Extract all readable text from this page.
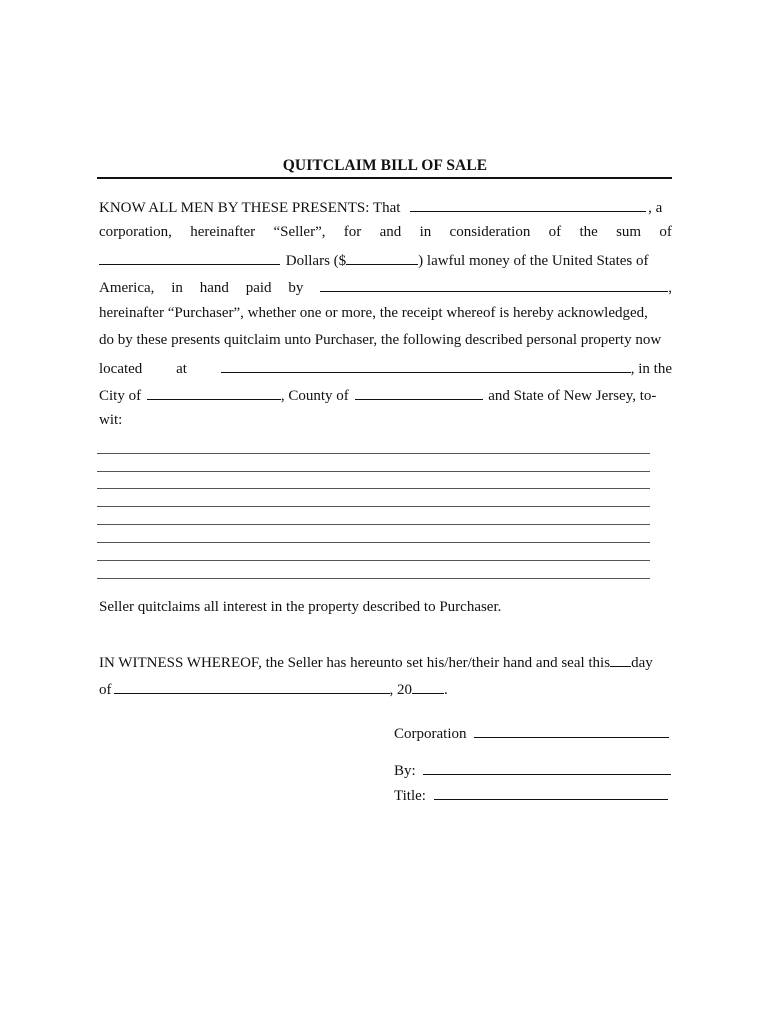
QUITCLAIM BILL OF SALE
KNOW ALL MEN BY THESE PRESENTS: That	, a
corporation, hereinafter “Seller”, for and in consideration of the sum of
Dollars ($	) lawful money of the United States of
America, in hand paid by	,
hereinafter “Purchaser”, whether one or more, the receipt whereof is hereby acknowledged,
do by these presents quitclaim unto Purchaser, the following described personal property now
located at	, in the
City of	, County of	and State of New Jersey, to-
wit:
Seller quitclaims all interest in the property described to Purchaser.
IN WITNESS WHEREOF, the Seller has hereunto set his/her/their hand and seal this day
of	, 20 .
Corporation
By:
Title:
